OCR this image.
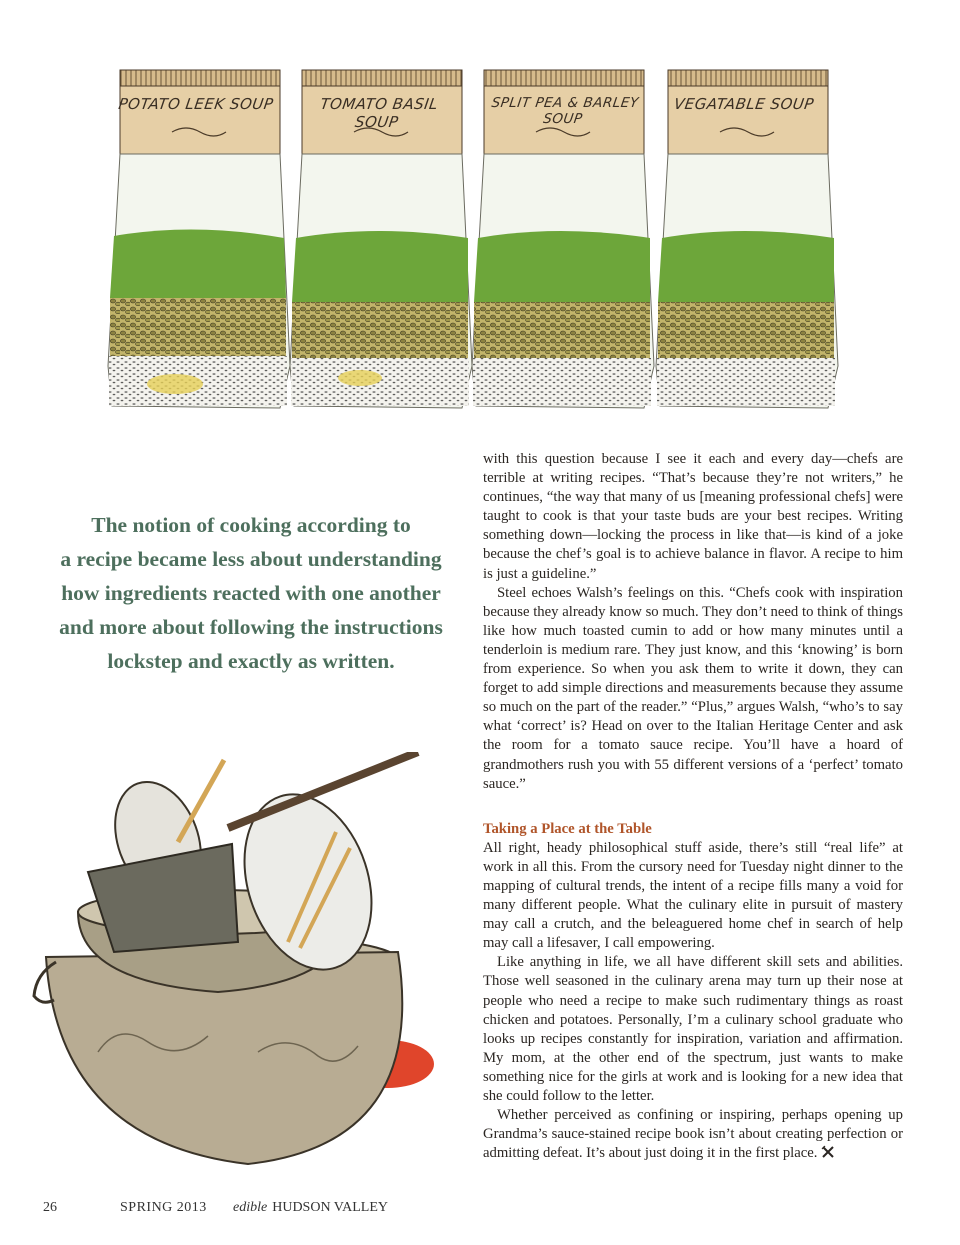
POTATO LEEK SOUP	TOMATO BASIL SOUP
SPLIT PEA & BARLEY SOUP
VEGATABLE SOUP
The notion of cooking according to
a recipe became less about understanding
how ingredients reacted with one another
and more about following the instructions
lockstep and exactly as written.

with this question because I see it each and every day—chefs are terrible at writing recipes. “That’s because they’re not writers,” he continues, “the way that many of us [meaning professional chefs] were taught to cook is that your taste buds are your best recipes. Writing something down—locking the process in like that—is kind of a joke because the chef’s goal is to achieve balance in flavor. A recipe to him is just a guideline.”

Steel echoes Walsh’s feelings on this. “Chefs cook with inspiration because they already know so much. They don’t need to think of things like how much toasted cumin to add or how many minutes until a tenderloin is medium rare. They just know, and this ‘knowing’ is born from experience. So when you ask them to write it down, they can forget to add simple directions and measurements because they assume so much on the part of the reader.” “Plus,” argues Walsh, “who’s to say what ‘correct’ is? Head on over to the Italian Heritage Center and ask the room for a tomato sauce recipe. You’ll have a hoard of grandmothers rush you with 55 different versions of a ‘perfect’ tomato sauce.”

Taking a Place at the Table

All right, heady philosophical stuff aside, there’s still “real life” at work in all this. From the cursory need for Tuesday night dinner to the mapping of cultural trends, the intent of a recipe fills many a void for many different people. What the culinary elite in pursuit of mastery may call a crutch, and the beleaguered home chef in search of help may call a lifesaver, I call empowering.

Like anything in life, we all have different skill sets and abilities. Those well seasoned in the culinary arena may turn up their nose at people who need a recipe to make such rudimentary things as roast chicken and potatoes. Personally, I’m a culinary school graduate who looks up recipes constantly for inspiration, variation and affirmation. My mom, at the other end of the spectrum, just wants to make something nice for the girls at work and is looking for a new idea that she could follow to the letter.

Whether perceived as confining or inspiring, perhaps opening up Grandma’s sauce-stained recipe book isn’t about creating perfection or admitting defeat. It’s about just doing it in the first place.

26	SPRING 2013 edible HUDSON VALLEY
